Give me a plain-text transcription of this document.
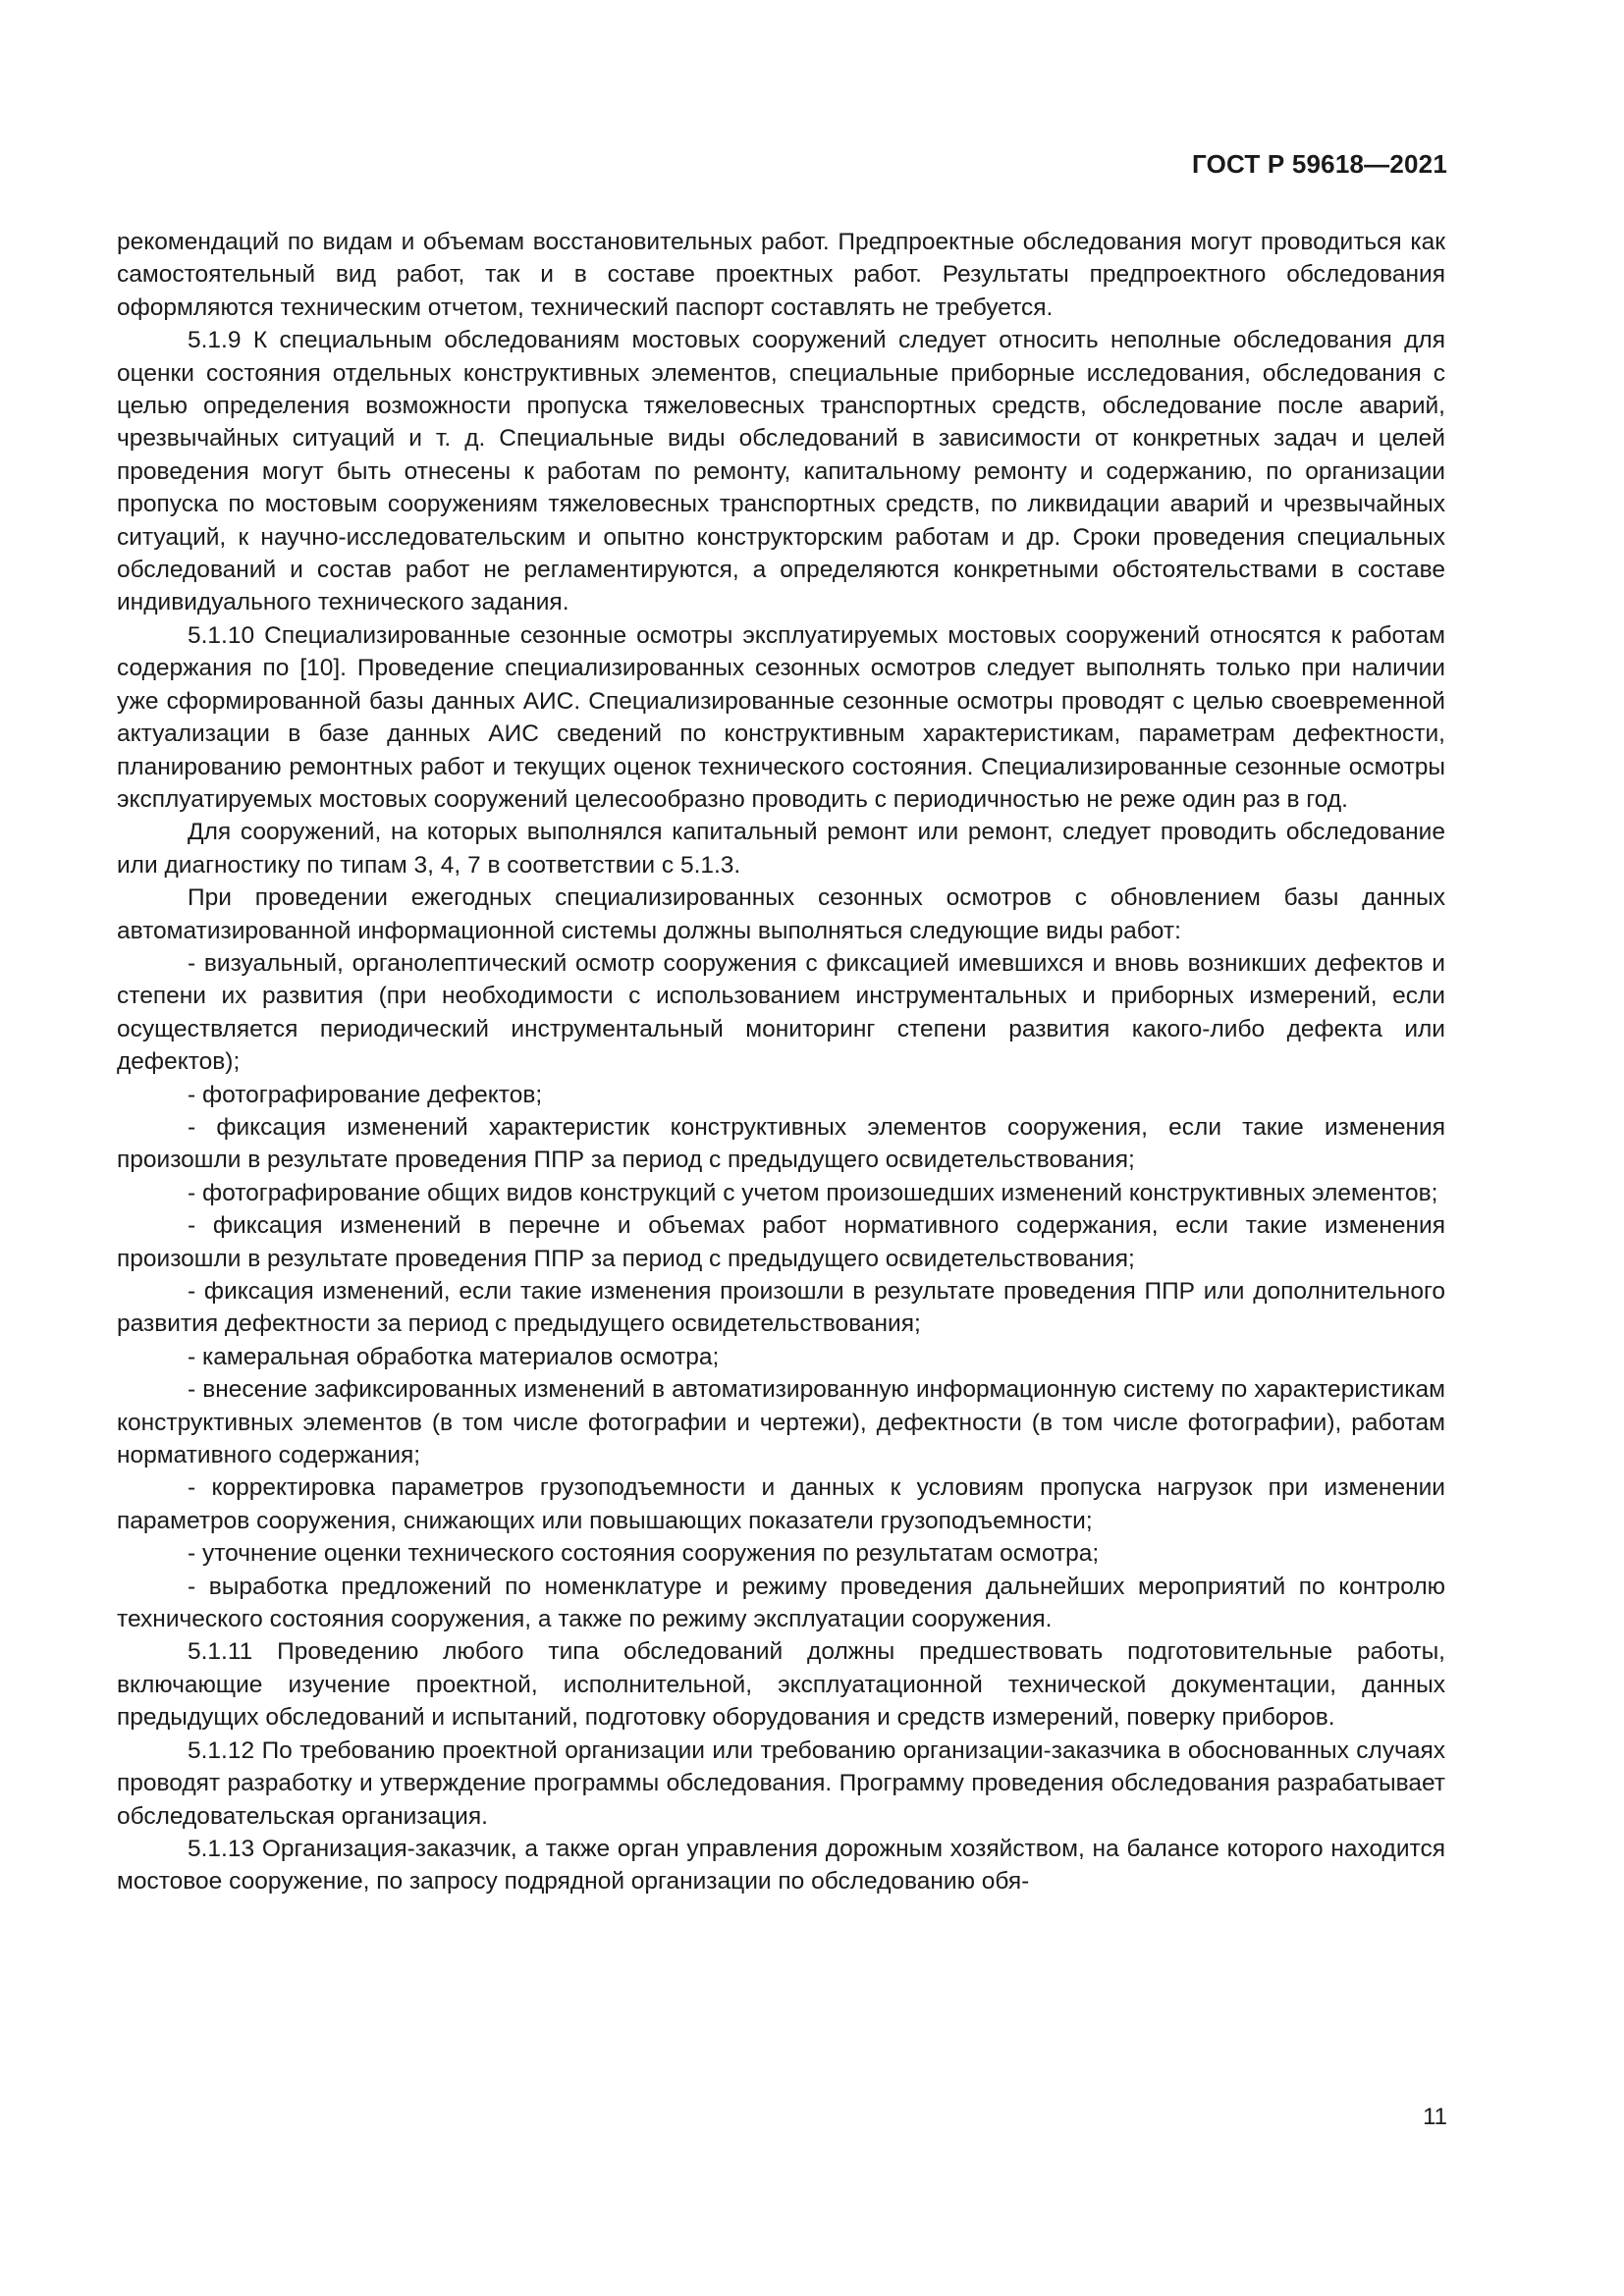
ГОСТ Р 59618—2021

рекомендаций по видам и объемам восстановительных работ. Предпроектные обследования могут проводиться как самостоятельный вид работ, так и в составе проектных работ. Результаты предпроектного обследования оформляются техническим отчетом, технический паспорт составлять не требуется.

5.1.9 К специальным обследованиям мостовых сооружений следует относить неполные обследования для оценки состояния отдельных конструктивных элементов, специальные приборные исследования, обследования с целью определения возможности пропуска тяжеловесных транспортных средств, обследование после аварий, чрезвычайных ситуаций и т. д. Специальные виды обследований в зависимости от конкретных задач и целей проведения могут быть отнесены к работам по ремонту, капитальному ремонту и содержанию, по организации пропуска по мостовым сооружениям тяжеловесных транспортных средств, по ликвидации аварий и чрезвычайных ситуаций, к научно-исследовательским и опытно конструкторским работам и др. Сроки проведения специальных обследований и состав работ не регламентируются, а определяются конкретными обстоятельствами в составе индивидуального технического задания.

5.1.10 Специализированные сезонные осмотры эксплуатируемых мостовых сооружений относятся к работам содержания по [10]. Проведение специализированных сезонных осмотров следует выполнять только при наличии уже сформированной базы данных АИС. Специализированные сезонные осмотры проводят с целью своевременной актуализации в базе данных АИС сведений по конструктивным характеристикам, параметрам дефектности, планированию ремонтных работ и текущих оценок технического состояния. Специализированные сезонные осмотры эксплуатируемых мостовых сооружений целесообразно проводить с периодичностью не реже один раз в год.

Для сооружений, на которых выполнялся капитальный ремонт или ремонт, следует проводить обследование или диагностику по типам 3, 4, 7 в соответствии с 5.1.3.

При проведении ежегодных специализированных сезонных осмотров с обновлением базы данных автоматизированной информационной системы должны выполняться следующие виды работ:

- визуальный, органолептический осмотр сооружения с фиксацией имевшихся и вновь возникших дефектов и степени их развития (при необходимости с использованием инструментальных и приборных измерений, если осуществляется периодический инструментальный мониторинг степени развития какого-либо дефекта или дефектов);

- фотографирование дефектов;

- фиксация изменений характеристик конструктивных элементов сооружения, если такие изменения произошли в результате проведения ППР за период с предыдущего освидетельствования;

- фотографирование общих видов конструкций с учетом произошедших изменений конструктивных элементов;

- фиксация изменений в перечне и объемах работ нормативного содержания, если такие изменения произошли в результате проведения ППР за период с предыдущего освидетельствования;

- фиксация изменений, если такие изменения произошли в результате проведения ППР или дополнительного развития дефектности за период с предыдущего освидетельствования;

- камеральная обработка материалов осмотра;

- внесение зафиксированных изменений в автоматизированную информационную систему по характеристикам конструктивных элементов (в том числе фотографии и чертежи), дефектности (в том числе фотографии), работам нормативного содержания;

- корректировка параметров грузоподъемности и данных к условиям пропуска нагрузок при изменении параметров сооружения, снижающих или повышающих показатели грузоподъемности;

- уточнение оценки технического состояния сооружения по результатам осмотра;

- выработка предложений по номенклатуре и режиму проведения дальнейших мероприятий по контролю технического состояния сооружения, а также по режиму эксплуатации сооружения.

5.1.11 Проведению любого типа обследований должны предшествовать подготовительные работы, включающие изучение проектной, исполнительной, эксплуатационной технической документации, данных предыдущих обследований и испытаний, подготовку оборудования и средств измерений, поверку приборов.

5.1.12 По требованию проектной организации или требованию организации-заказчика в обоснованных случаях проводят разработку и утверждение программы обследования. Программу проведения обследования разрабатывает обследовательская организация.

5.1.13 Организация-заказчик, а также орган управления дорожным хозяйством, на балансе которого находится мостовое сооружение, по запросу подрядной организации по обследованию обя-

11
